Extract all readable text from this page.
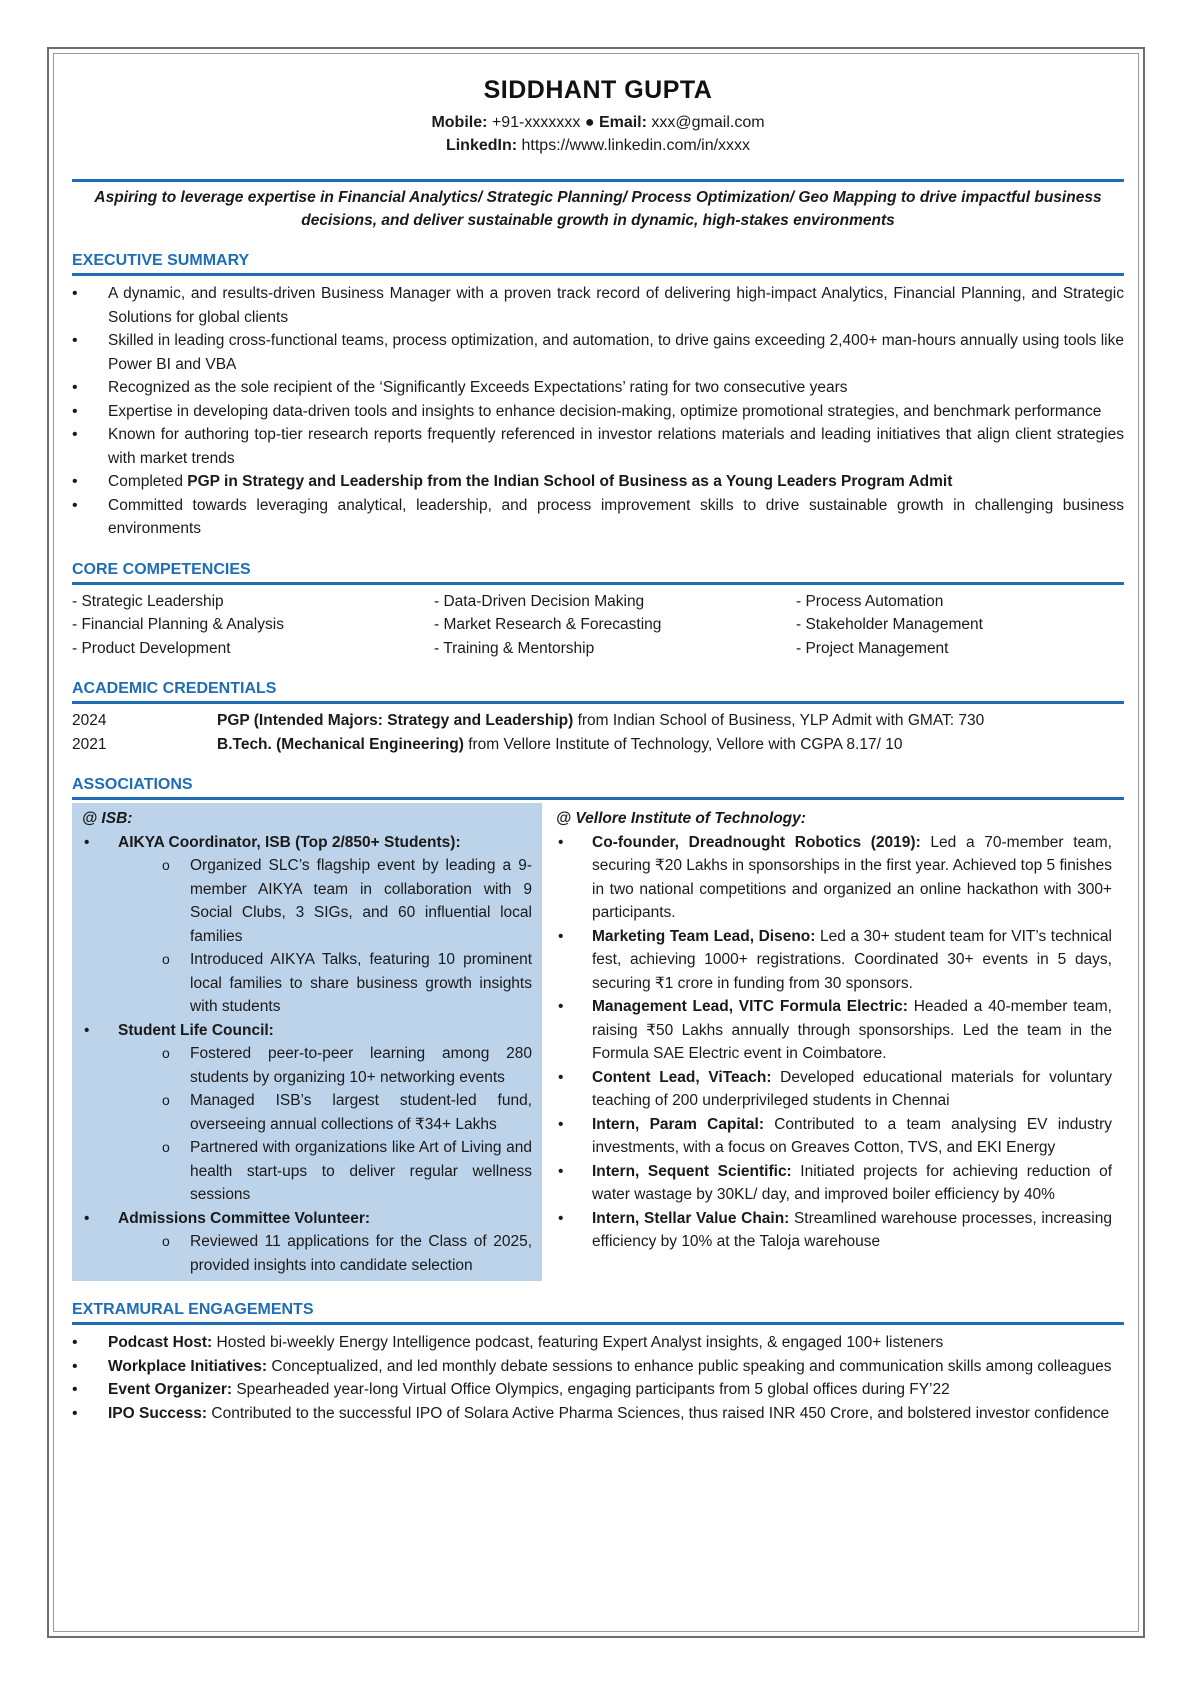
SIDDHANT GUPTA
Mobile: +91-xxxxxxx ● Email: xxx@gmail.com
LinkedIn: https://www.linkedin.com/in/xxxx
Aspiring to leverage expertise in Financial Analytics/ Strategic Planning/ Process Optimization/ Geo Mapping to drive impactful business decisions, and deliver sustainable growth in dynamic, high-stakes environments
EXECUTIVE SUMMARY
• A dynamic, and results-driven Business Manager with a proven track record of delivering high-impact Analytics, Financial Planning, and Strategic Solutions for global clients
• Skilled in leading cross-functional teams, process optimization, and automation, to drive gains exceeding 2,400+ man-hours annually using tools like Power BI and VBA
• Recognized as the sole recipient of the ‘Significantly Exceeds Expectations’ rating for two consecutive years
• Expertise in developing data-driven tools and insights to enhance decision-making, optimize promotional strategies, and benchmark performance
• Known for authoring top-tier research reports frequently referenced in investor relations materials and leading initiatives that align client strategies with market trends
• Completed PGP in Strategy and Leadership from the Indian School of Business as a Young Leaders Program Admit
• Committed towards leveraging analytical, leadership, and process improvement skills to drive sustainable growth in challenging business environments
CORE COMPETENCIES
- Strategic Leadership	- Data-Driven Decision Making	- Process Automation
- Financial Planning & Analysis	- Market Research & Forecasting	- Stakeholder Management
- Product Development	- Training & Mentorship	- Project Management
ACADEMIC CREDENTIALS
2024	PGP (Intended Majors: Strategy and Leadership) from Indian School of Business, YLP Admit with GMAT: 730
2021	B.Tech. (Mechanical Engineering) from Vellore Institute of Technology, Vellore with CGPA 8.17/ 10
ASSOCIATIONS
@ ISB:
• AIKYA Coordinator, ISB (Top 2/850+ Students):
o Organized SLC’s flagship event by leading a 9-member AIKYA team in collaboration with 9 Social Clubs, 3 SIGs, and 60 influential local families
o Introduced AIKYA Talks, featuring 10 prominent local families to share business growth insights with students
• Student Life Council:
o Fostered peer-to-peer learning among 280 students by organizing 10+ networking events
o Managed ISB’s largest student-led fund, overseeing annual collections of ₹34+ Lakhs
o Partnered with organizations like Art of Living and health start-ups to deliver regular wellness sessions
• Admissions Committee Volunteer:
o Reviewed 11 applications for the Class of 2025, provided insights into candidate selection
@ Vellore Institute of Technology:
• Co-founder, Dreadnought Robotics (2019): Led a 70-member team, securing ₹20 Lakhs in sponsorships in the first year. Achieved top 5 finishes in two national competitions and organized an online hackathon with 300+ participants.
• Marketing Team Lead, Diseno: Led a 30+ student team for VIT’s technical fest, achieving 1000+ registrations. Coordinated 30+ events in 5 days, securing ₹1 crore in funding from 30 sponsors.
• Management Lead, VITC Formula Electric: Headed a 40-member team, raising ₹50 Lakhs annually through sponsorships. Led the team in the Formula SAE Electric event in Coimbatore.
• Content Lead, ViTeach: Developed educational materials for voluntary teaching of 200 underprivileged students in Chennai
• Intern, Param Capital: Contributed to a team analysing EV industry investments, with a focus on Greaves Cotton, TVS, and EKI Energy
• Intern, Sequent Scientific: Initiated projects for achieving reduction of water wastage by 30KL/ day, and improved boiler efficiency by 40%
• Intern, Stellar Value Chain: Streamlined warehouse processes, increasing efficiency by 10% at the Taloja warehouse
EXTRAMURAL ENGAGEMENTS
• Podcast Host: Hosted bi-weekly Energy Intelligence podcast, featuring Expert Analyst insights, & engaged 100+ listeners
• Workplace Initiatives: Conceptualized, and led monthly debate sessions to enhance public speaking and communication skills among colleagues
• Event Organizer: Spearheaded year-long Virtual Office Olympics, engaging participants from 5 global offices during FY’22
• IPO Success: Contributed to the successful IPO of Solara Active Pharma Sciences, thus raised INR 450 Crore, and bolstered investor confidence
